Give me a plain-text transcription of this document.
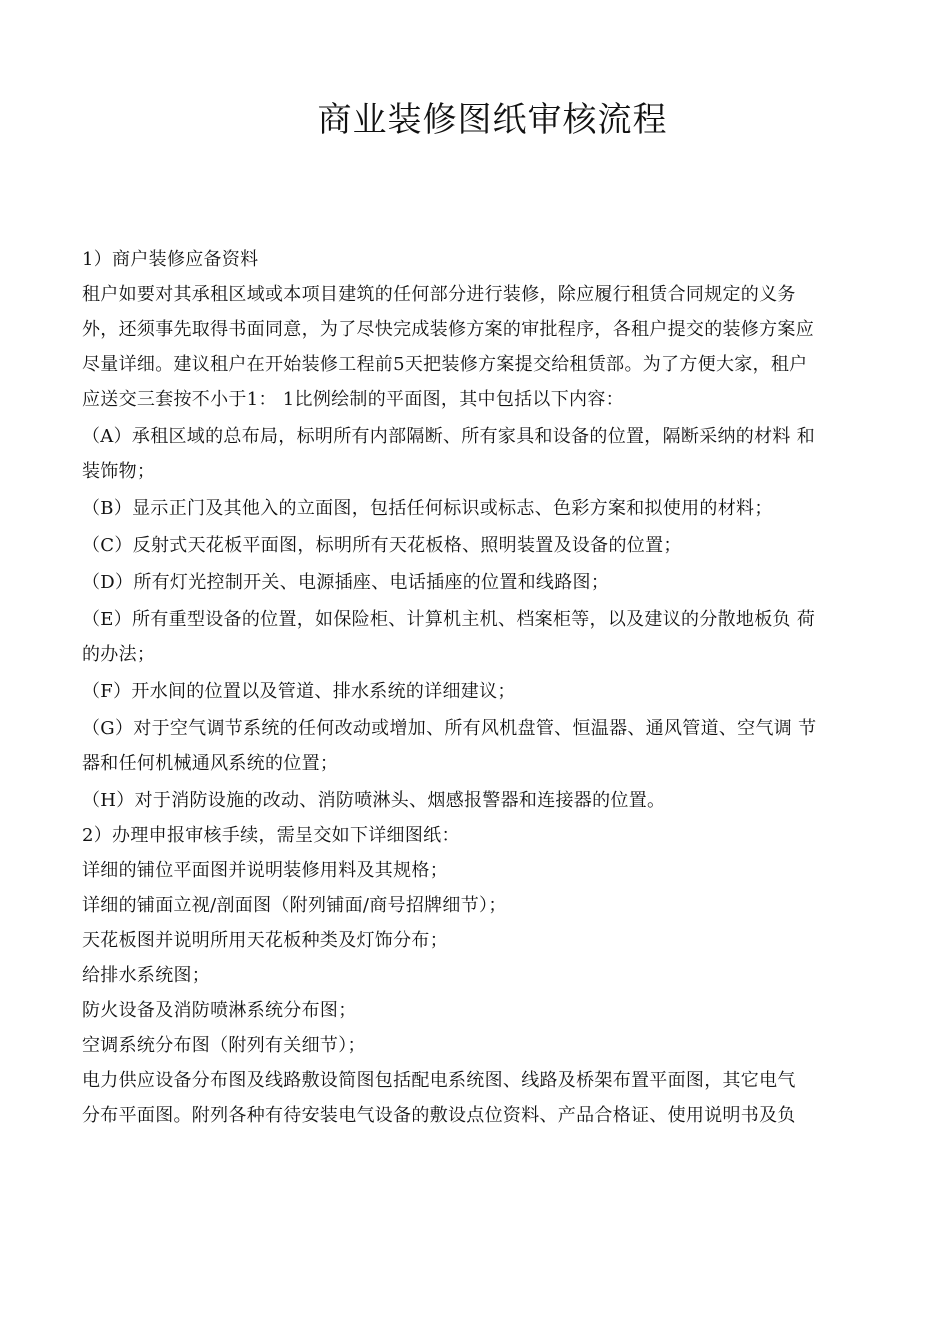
商业装修图纸审核流程
1）商户装修应备资料
租户如要对其承租区域或本项目建筑的任何部分进行装修，除应履行租赁合同规定的义务
外，还须事先取得书面同意，为了尽快完成装修方案的审批程序，各租户提交的装修方案应
尽量详细。建议租户在开始装修工程前5天把装修方案提交给租赁部。为了方便大家，租户
应送交三套按不小于1： 1比例绘制的平面图，其中包括以下内容：
（A）承租区域的总布局，标明所有内部隔断、所有家具和设备的位置，隔断采纳的材料 和
装饰物；
（B）显示正门及其他入的立面图，包括任何标识或标志、色彩方案和拟使用的材料；
（C）反射式天花板平面图，标明所有天花板格、照明装置及设备的位置；
（D）所有灯光控制开关、电源插座、电话插座的位置和线路图；
（E）所有重型设备的位置，如保险柜、计算机主机、档案柜等，以及建议的分散地板负 荷
的办法；
（F）开水间的位置以及管道、排水系统的详细建议；
（G）对于空气调节系统的任何改动或增加、所有风机盘管、恒温器、通风管道、空气调 节
器和任何机械通风系统的位置；
（H）对于消防设施的改动、消防喷淋头、烟感报警器和连接器的位置。
2）办理申报审核手续，需呈交如下详细图纸：
详细的铺位平面图并说明装修用料及其规格；
详细的铺面立视/剖面图（附列铺面/商号招牌细节）；
天花板图并说明所用天花板种类及灯饰分布；
给排水系统图；
防火设备及消防喷淋系统分布图；
空调系统分布图（附列有关细节）；
电力供应设备分布图及线路敷设简图包括配电系统图、线路及桥架布置平面图，其它电气
分布平面图。附列各种有待安装电气设备的敷设点位资料、产品合格证、使用说明书及负
